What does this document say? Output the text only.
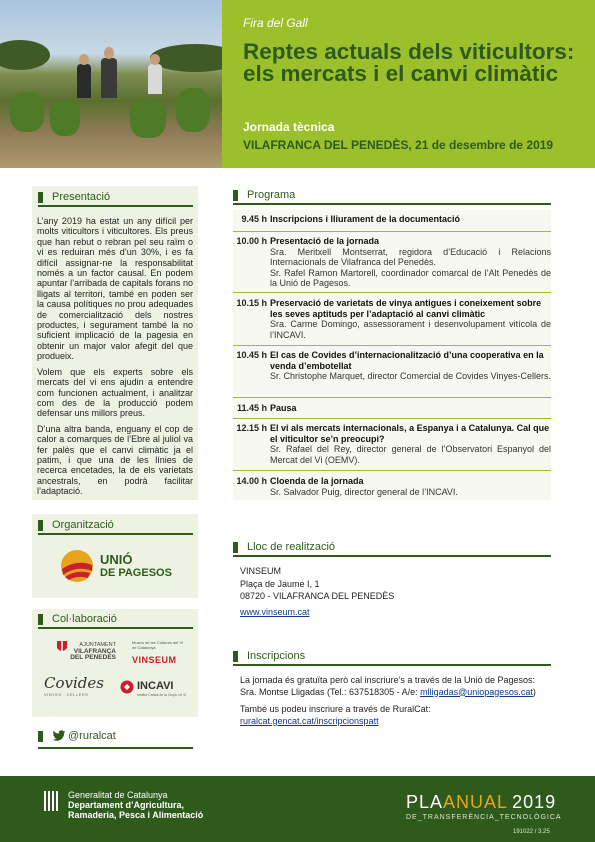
Fira del Gall
Reptes actuals dels viticultors: els mercats i el canvi climàtic
Jornada tècnica
VILAFRANCA DEL PENEDÈS, 21 de desembre de 2019
Presentació

L’any 2019 ha estat un any difícil per molts viticultors i viticultores. Els preus que han rebut o rebran pel seu raïm o vi es reduiran més d’un 30%, i es fa difícil assignar-ne la responsabilitat només a un factor causal. En podem apuntar l’arribada de capitals forans no lligats al territori, també en poden ser la causa polítiques no prou adequades de comercialització dels nostres productes, i segurament també la no suficient implicació de la pagesia en obtenir un major valor afegit del que produeix.

Volem que els experts sobre els mercats del vi ens ajudin a entendre com funcionen actualment, i analitzar com des de la producció podem defensar uns millors preus.

D’una altra banda, enguany el cop de calor a comarques de l’Ebre al juliol va fer palès que el canvi climàtic ja el patim, i que una de les línies de recerca encetades, la de els varietats ancestrals, en podrà facilitar l’adaptació.

Organització
UNIÓ
DE PAGESOS
Col·laboració
AJUNTAMENT
VILAFRANCA
DEL PENEDÈS
Museu de les Cultures del Vi de Catalunya
VINSEUM
Covides
VINYES · CELLERS
INCAVI
Institut Català de la Vinya i el Vi
@ruralcat
Programa
9.45 h Inscripcions i lliurament de la documentació
10.00 h Presentació de la jornada
Sra. Meritxell Montserrat, regidora d’Educació i Relacions Internacionals de Vilafranca del Penedès.
Sr. Rafel Ramon Martorell, coordinador comarcal de l’Alt Penedès de la Unió de Pagesos.
10.15 h Preservació de varietats de vinya antigues i coneixement sobre les seves aptituds per l’adaptació al canvi climàtic
Sra. Carme Domingo, assessorament i desenvolupament vitícola de l’INCAVI.
10.45 h El cas de Covides d’internacionalització d’una cooperativa en la venda d’embotellat
Sr. Christophe Marquet, director Comercial de Covides Vinyes-Cellers.
11.45 h Pausa
12.15 h El vi als mercats internacionals, a Espanya i a Catalunya. Cal que el viticultor se’n preocupi?
Sr. Rafael del Rey, director general de l’Observatori Espanyol del Mercat del Vi (OEMV).
14.00 h Cloenda de la jornada
Sr. Salvador Puig, director general de l’INCAVI.
Lloc de realització
VINSEUM
Plaça de Jaume I, 1
08720 - VILAFRANCA DEL PENEDÈS
www.vinseum.cat
Inscripcions
La jornada és gratuïta però cal inscriure’s a través de la Unió de Pagesos:
Sra. Montse Lligadas (Tel.: 637518305 - A/e: mlligadas@uniopagesos.cat)
També us podeu inscriure a través de RuralCat:
ruralcat.gencat.cat/inscripcionspatt
Generalitat de Catalunya
Departament d’Agricultura,
Ramaderia, Pesca i Alimentació
PLAANUAL 2019
DE_TRANSFERÈNCIA_TECNOLÒGICA
191022 / 3.25
